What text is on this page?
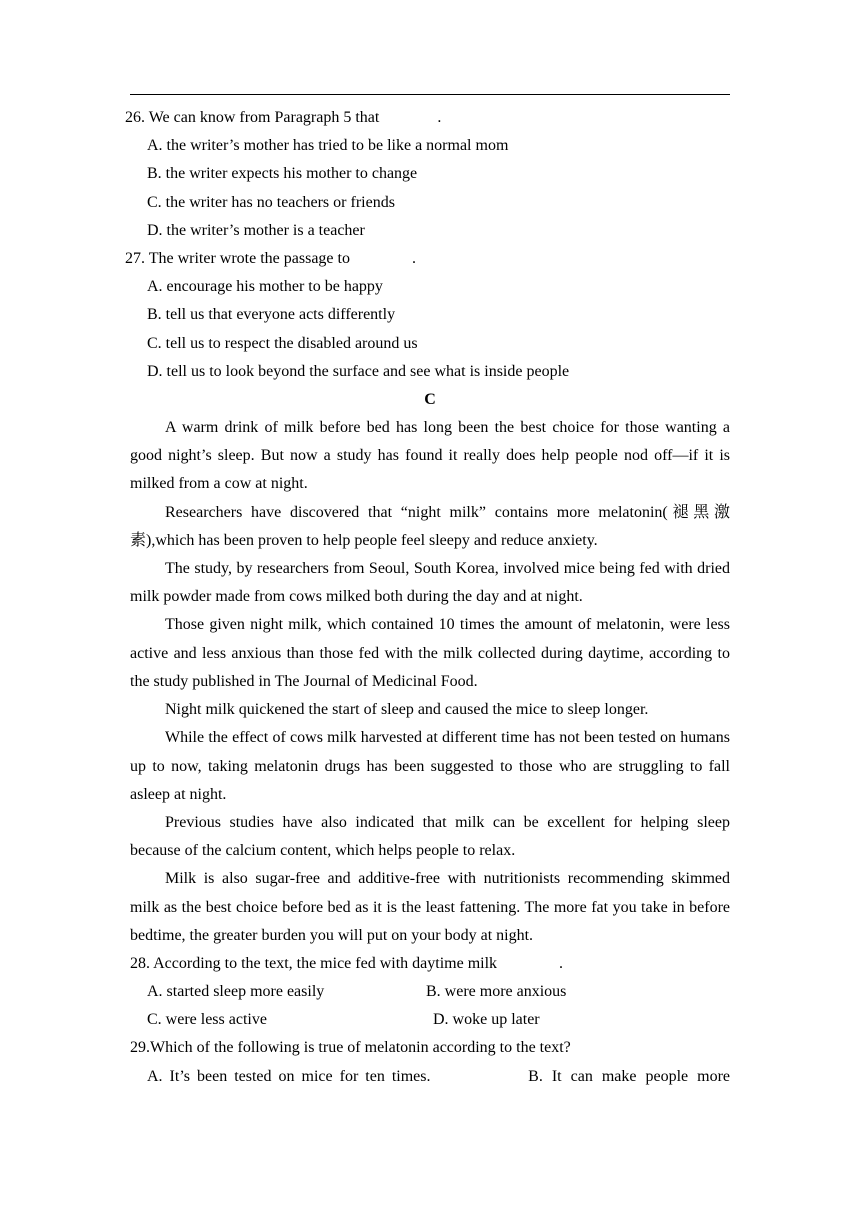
26. We can know from Paragraph 5 that	.
A. the writer’s mother has tried to be like a normal mom
B. the writer expects his mother to change
C. the writer has no teachers or friends
D. the writer’s mother is a teacher
27. The writer wrote the passage to	.
A. encourage his mother to be happy
B. tell us that everyone acts differently
C. tell us to respect the disabled around us
D. tell us to look beyond the surface and see what is inside people
C
A warm drink of milk before bed has long been the best choice for those wanting a good night’s sleep. But now a study has found it really does help people nod off—if it is milked from a cow at night.
Researchers have discovered that “night milk” contains more melatonin(褪黑激素),which has been proven to help people feel sleepy and reduce anxiety.
The study, by researchers from Seoul, South Korea, involved mice being fed with dried milk powder made from cows milked both during the day and at night.
Those given night milk, which contained 10 times the amount of melatonin, were less active and less anxious than those fed with the milk collected during daytime, according to the study published in The Journal of Medicinal Food.
Night milk quickened the start of sleep and caused the mice to sleep longer.
While the effect of cows milk harvested at different time has not been tested on humans up to now, taking melatonin drugs has been suggested to those who are struggling to fall asleep at night.
Previous studies have also indicated that milk can be excellent for helping sleep because of the calcium content, which helps people to relax.
Milk is also sugar-free and additive-free with nutritionists recommending skimmed milk as the best choice before bed as it is the least fattening. The more fat you take in before bedtime, the greater burden you will put on your body at night.
28. According to the text, the mice fed with daytime milk	.
A. started sleep more easily	B. were more anxious
C. were less active	D. woke up later
29.Which of the following is true of melatonin according to the text?
A. It’s been tested on mice for ten times.	B. It can make people more
